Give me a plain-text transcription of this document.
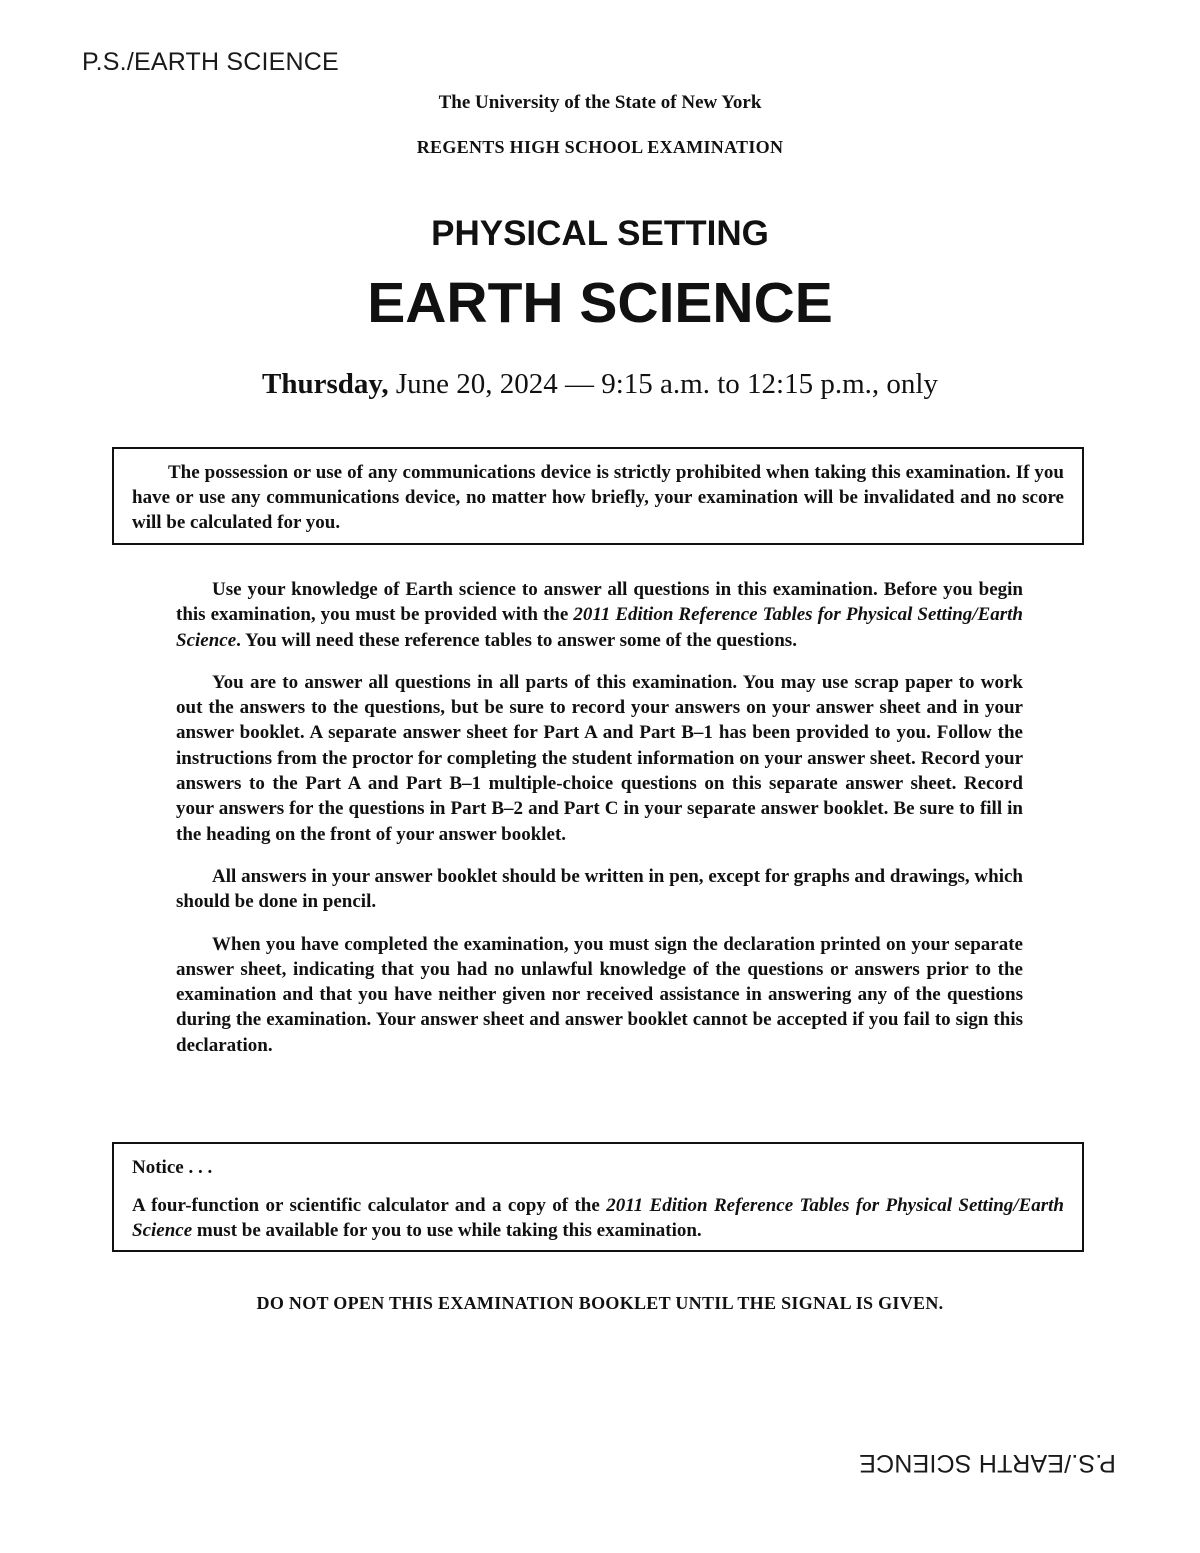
P.S./EARTH SCIENCE
The University of the State of New York
REGENTS HIGH SCHOOL EXAMINATION
PHYSICAL SETTING
EARTH SCIENCE
Thursday, June 20, 2024 — 9:15 a.m. to 12:15 p.m., only

The possession or use of any communications device is strictly prohibited when taking this examination. If you have or use any communications device, no matter how briefly, your examination will be invalidated and no score will be calculated for you.

Use your knowledge of Earth science to answer all questions in this examination. Before you begin this examination, you must be provided with the 2011 Edition Reference Tables for Physical Setting/Earth Science. You will need these reference tables to answer some of the questions.

You are to answer all questions in all parts of this examination. You may use scrap paper to work out the answers to the questions, but be sure to record your answers on your answer sheet and in your answer booklet. A separate answer sheet for Part A and Part B–1 has been provided to you. Follow the instructions from the proctor for completing the student information on your answer sheet. Record your answers to the Part A and Part B–1 multiple-choice questions on this separate answer sheet. Record your answers for the questions in Part B–2 and Part C in your separate answer booklet. Be sure to fill in the heading on the front of your answer booklet.

All answers in your answer booklet should be written in pen, except for graphs and drawings, which should be done in pencil.

When you have completed the examination, you must sign the declaration printed on your separate answer sheet, indicating that you had no unlawful knowledge of the questions or answers prior to the examination and that you have neither given nor received assistance in answering any of the questions during the examination. Your answer sheet and answer booklet cannot be accepted if you fail to sign this declaration.

Notice . . .

A four-function or scientific calculator and a copy of the 2011 Edition Reference Tables for Physical Setting/Earth Science must be available for you to use while taking this examination.

DO NOT OPEN THIS EXAMINATION BOOKLET UNTIL THE SIGNAL IS GIVEN.
P.S./EARTH SCIENCE
